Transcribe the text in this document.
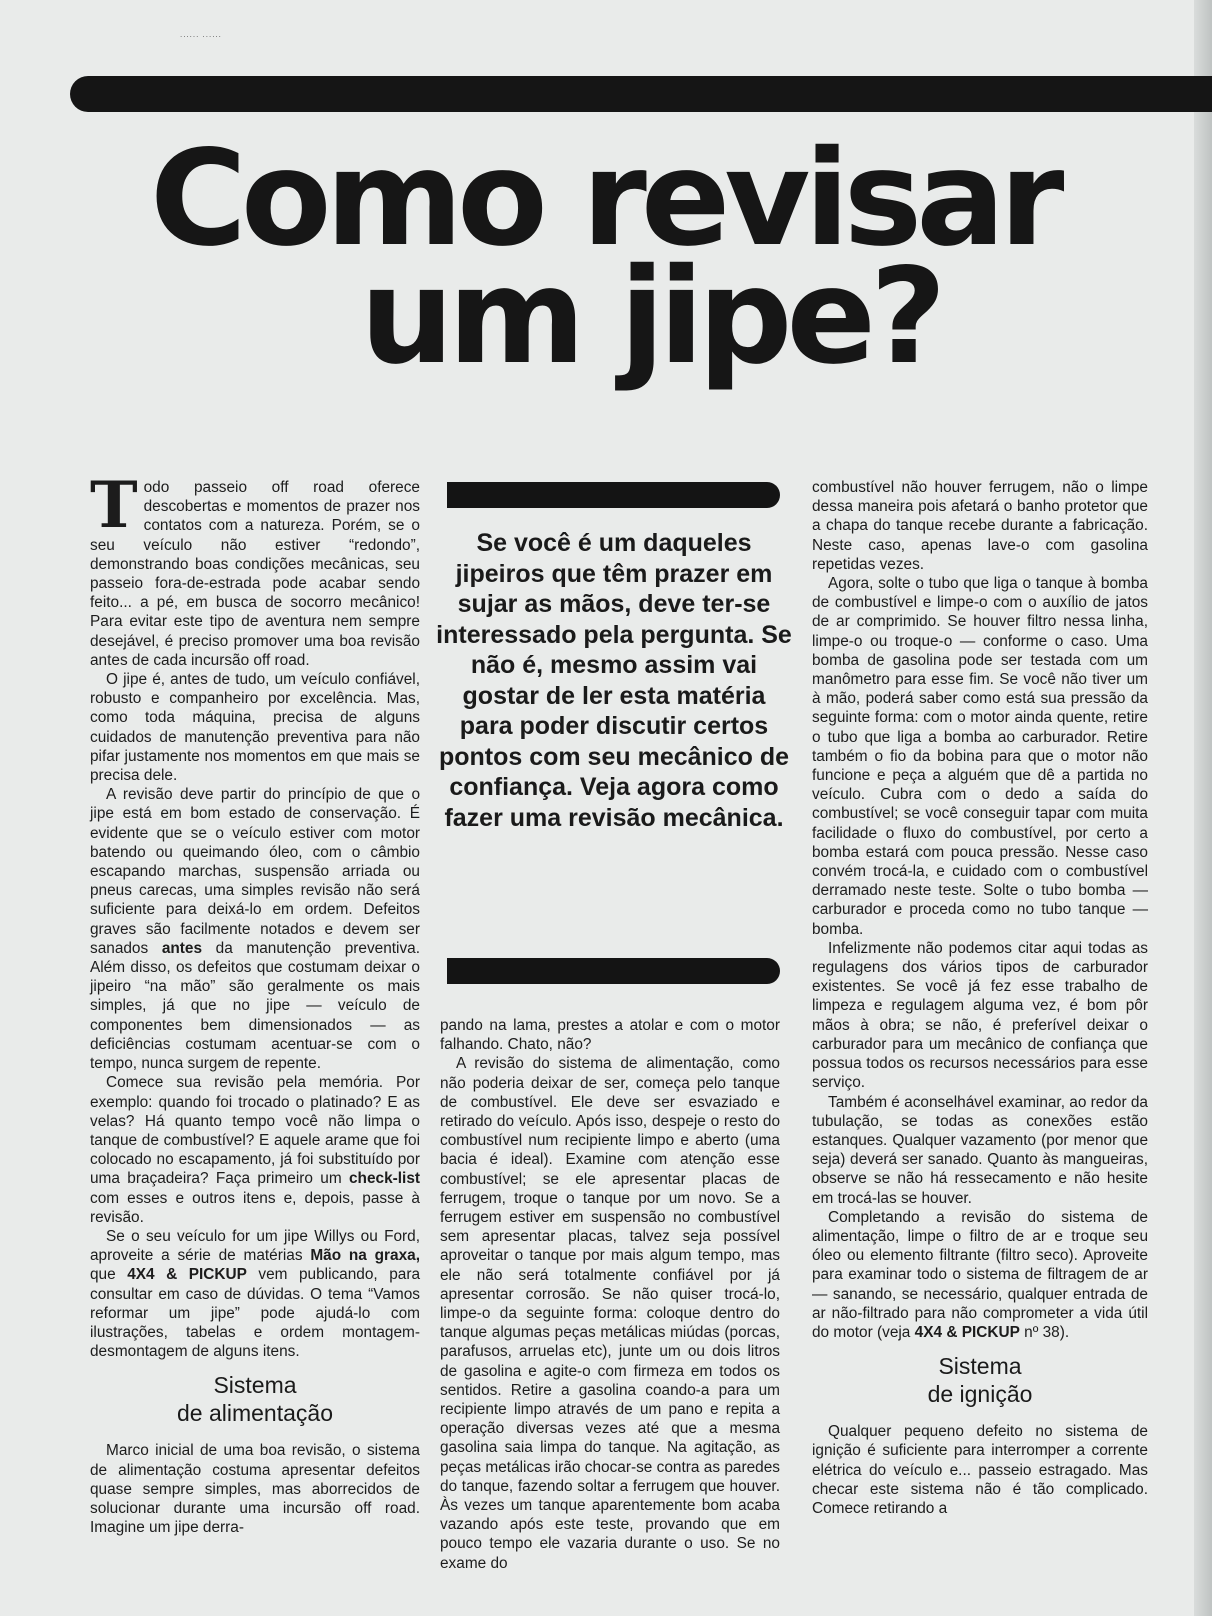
...... ......
Como revisar
um jipe?

Todo passeio off road oferece descobertas e momentos de prazer nos contatos com a natureza. Porém, se o seu veículo não estiver “redondo”, demonstrando boas condições mecânicas, seu passeio fora-de-estrada pode acabar sendo feito... a pé, em busca de socorro mecânico! Para evitar este tipo de aventura nem sempre desejável, é preciso promover uma boa revisão antes de cada incursão off road.

O jipe é, antes de tudo, um veículo confiável, robusto e companheiro por excelência. Mas, como toda máquina, precisa de alguns cuidados de manutenção preventiva para não pifar justamente nos momentos em que mais se precisa dele.

A revisão deve partir do princípio de que o jipe está em bom estado de conservação. É evidente que se o veículo estiver com motor batendo ou queimando óleo, com o câmbio escapando marchas, suspensão arriada ou pneus carecas, uma simples revisão não será suficiente para deixá-lo em ordem. Defeitos graves são facilmente notados e devem ser sanados antes da manutenção preventiva. Além disso, os defeitos que costumam deixar o jipeiro “na mão” são geralmente os mais simples, já que no jipe — veículo de componentes bem dimensionados — as deficiências costumam acentuar-se com o tempo, nunca surgem de repente.

Comece sua revisão pela memória. Por exemplo: quando foi trocado o platinado? E as velas? Há quanto tempo você não limpa o tanque de combustível? E aquele arame que foi colocado no escapamento, já foi substituído por uma braçadeira? Faça primeiro um check-list com esses e outros itens e, depois, passe à revisão.

Se o seu veículo for um jipe Willys ou Ford, aproveite a série de matérias Mão na graxa, que 4X4 & PICKUP vem publicando, para consultar em caso de dúvidas. O tema “Vamos reformar um jipe” pode ajudá-lo com ilustrações, tabelas e ordem montagem-desmontagem de alguns itens.

Sistema
de alimentação

Marco inicial de uma boa revisão, o sistema de alimentação costuma apresentar defeitos quase sempre simples, mas aborrecidos de solucionar durante uma incursão off road. Imagine um jipe derra-

Se você é um daqueles jipeiros que têm prazer em sujar as mãos, deve ter-se interessado pela pergunta. Se não é, mesmo assim vai gostar de ler esta matéria para poder discutir certos pontos com seu mecânico de confiança. Veja agora como fazer uma revisão mecânica.

pando na lama, prestes a atolar e com o motor falhando. Chato, não?

A revisão do sistema de alimentação, como não poderia deixar de ser, começa pelo tanque de combustível. Ele deve ser esvaziado e retirado do veículo. Após isso, despeje o resto do combustível num recipiente limpo e aberto (uma bacia é ideal). Examine com atenção esse combustível; se ele apresentar placas de ferrugem, troque o tanque por um novo. Se a ferrugem estiver em suspensão no combustível sem apresentar placas, talvez seja possível aproveitar o tanque por mais algum tempo, mas ele não será totalmente confiável por já apresentar corrosão. Se não quiser trocá-lo, limpe-o da seguinte forma: coloque dentro do tanque algumas peças metálicas miúdas (porcas, parafusos, arruelas etc), junte um ou dois litros de gasolina e agite-o com firmeza em todos os sentidos. Retire a gasolina coando-a para um recipiente limpo através de um pano e repita a operação diversas vezes até que a mesma gasolina saia limpa do tanque. Na agitação, as peças metálicas irão chocar-se contra as paredes do tanque, fazendo soltar a ferrugem que houver. Às vezes um tanque aparentemente bom acaba vazando após este teste, provando que em pouco tempo ele vazaria durante o uso. Se no exame do

combustível não houver ferrugem, não o limpe dessa maneira pois afetará o banho protetor que a chapa do tanque recebe durante a fabricação. Neste caso, apenas lave-o com gasolina repetidas vezes.

Agora, solte o tubo que liga o tanque à bomba de combustível e limpe-o com o auxílio de jatos de ar comprimido. Se houver filtro nessa linha, limpe-o ou troque-o — conforme o caso. Uma bomba de gasolina pode ser testada com um manômetro para esse fim. Se você não tiver um à mão, poderá saber como está sua pressão da seguinte forma: com o motor ainda quente, retire o tubo que liga a bomba ao carburador. Retire também o fio da bobina para que o motor não funcione e peça a alguém que dê a partida no veículo. Cubra com o dedo a saída do combustível; se você conseguir tapar com muita facilidade o fluxo do combustível, por certo a bomba estará com pouca pressão. Nesse caso convém trocá-la, e cuidado com o combustível derramado neste teste. Solte o tubo bomba — carburador e proceda como no tubo tanque — bomba.

Infelizmente não podemos citar aqui todas as regulagens dos vários tipos de carburador existentes. Se você já fez esse trabalho de limpeza e regulagem alguma vez, é bom pôr mãos à obra; se não, é preferível deixar o carburador para um mecânico de confiança que possua todos os recursos necessários para esse serviço.

Também é aconselhável examinar, ao redor da tubulação, se todas as conexões estão estanques. Qualquer vazamento (por menor que seja) deverá ser sanado. Quanto às mangueiras, observe se não há ressecamento e não hesite em trocá-las se houver.

Completando a revisão do sistema de alimentação, limpe o filtro de ar e troque seu óleo ou elemento filtrante (filtro seco). Aproveite para examinar todo o sistema de filtragem de ar — sanando, se necessário, qualquer entrada de ar não-filtrado para não comprometer a vida útil do motor (veja 4X4 & PICKUP nº 38).

Sistema
de ignição

Qualquer pequeno defeito no sistema de ignição é suficiente para interromper a corrente elétrica do veículo e... passeio estragado. Mas checar este sistema não é tão complicado. Comece retirando a
